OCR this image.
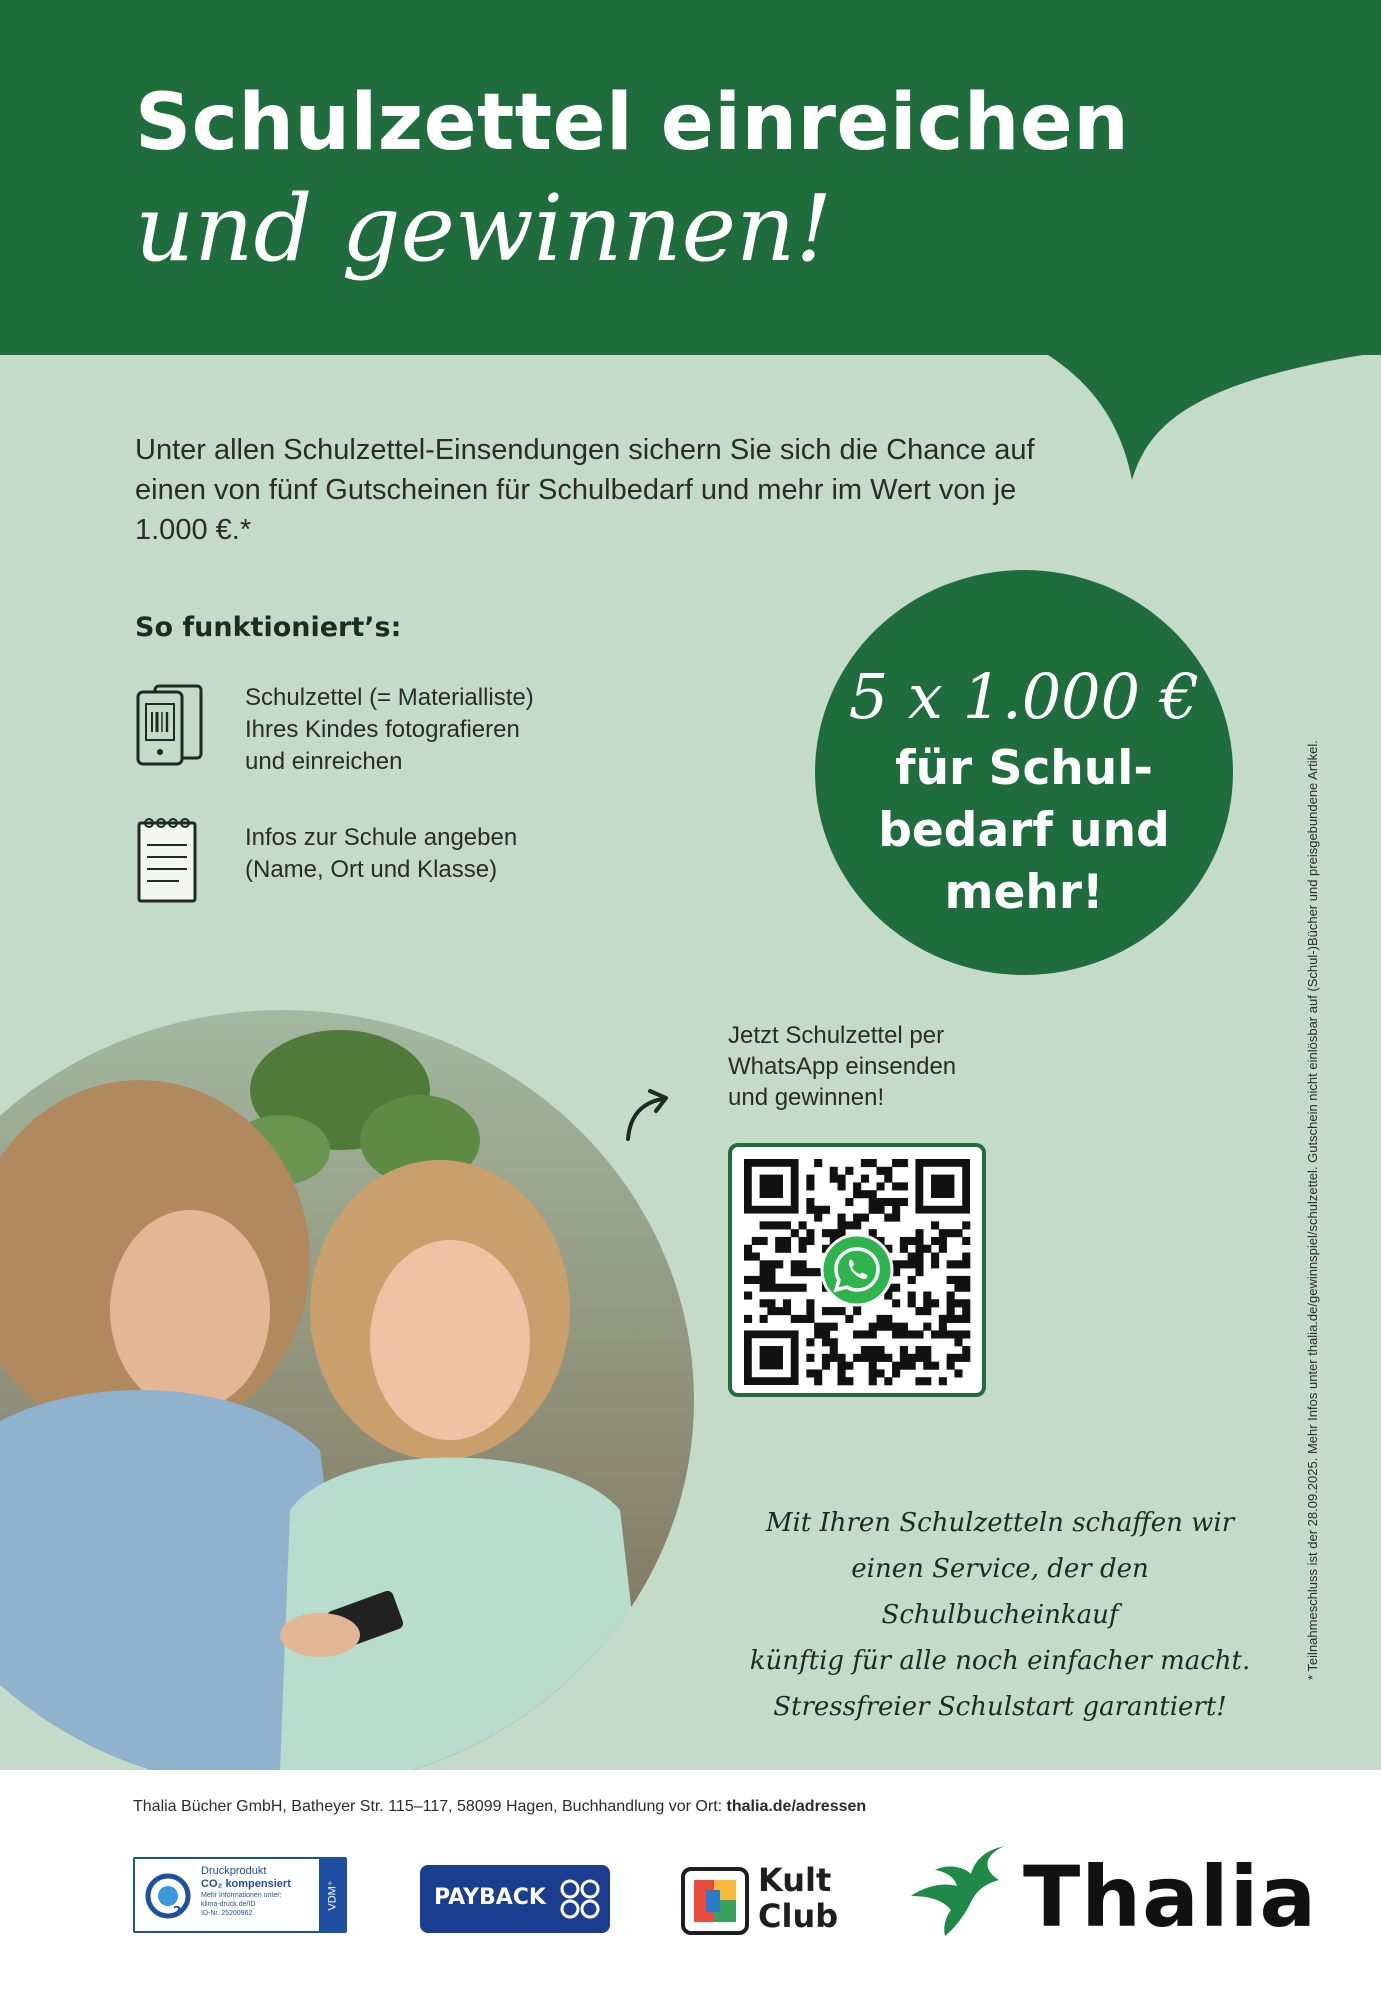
Schulzettel einreichen
und gewinnen!
Unter allen Schulzettel-Einsendungen sichern Sie sich die Chance auf einen von fünf Gutscheinen für Schulbedarf und mehr im Wert von je 1.000 €.*
So funktioniert’s:
Schulzettel (= Materialliste)
Ihres Kindes fotografieren
und einreichen
Infos zur Schule angeben
(Name, Ort und Klasse)
5 x 1.000 €
für Schul-
bedarf und
mehr!	* Teilnahmeschluss ist der 28.09.2025. Mehr Infos unter thalia.de/gewinnspiel/schulzettel. Gutschein nicht einlösbar auf (Schul-)Bücher und preisgebundene Artikel.
Jetzt Schulzettel per
WhatsApp einsenden
und gewinnen!
Mit Ihren Schulzetteln schaffen wir
einen Service, der den Schulbucheinkauf
künftig für alle noch einfacher macht.
Stressfreier Schulstart garantiert!
Thalia Bücher GmbH, Batheyer Str. 115–117, 58099 Hagen, Buchhandlung vor Ort: thalia.de/adressen
2
Druckprodukt
CO₂ kompensiert
Mehr Informationen unter:
klima-druck.de/ID
ID-Nr. 25200962
VDM⁺	PAYBACK	Kult
Club Thalia
